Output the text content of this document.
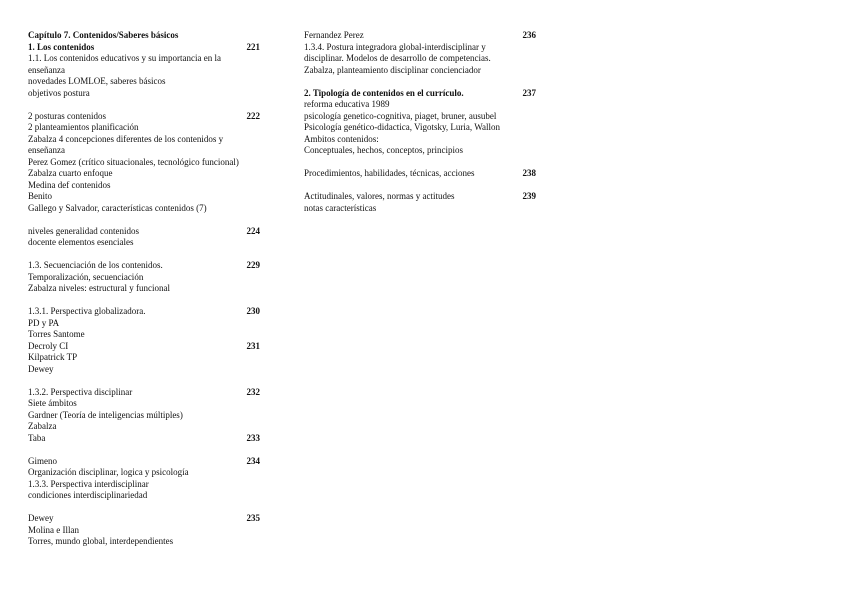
Capítulo 7. Contenidos/Saberes básicos
1. Los contenidos	221
1.1. Los contenidos educativos y su importancia en la enseñanza
novedades LOMLOE, saberes básicos
objetivos postura
2 posturas contenidos	222
2 planteamientos planificación
Zabalza 4 concepciones diferentes de los contenidos y enseñanza
Perez Gomez (crítico situacionales, tecnológico funcional)
Zabalza cuarto enfoque
Medina def contenidos
Benito
Gallego y Salvador, características contenidos (7)
niveles generalidad contenidos	224
docente elementos esenciales
1.3. Secuenciación de los contenidos.	229
Temporalización, secuenciación
Zabalza niveles: estructural y funcional
1.3.1. Perspectiva globalizadora.	230
PD y PA
Torres Santome
Decroly CI	231
Kilpatrick TP
Dewey
1.3.2. Perspectiva disciplinar	232
Siete ámbitos
Gardner (Teoría de inteligencias múltiples)
Zabalza
Taba	233
Gimeno	234
Organización disciplinar, logica y psicología
1.3.3. Perspectiva interdisciplinar
condiciones interdisciplinariedad
Dewey	235
Molina e Illan
Torres, mundo global, interdependientes
Fernandez Perez	236
1.3.4. Postura integradora global-interdisciplinar y disciplinar. Modelos de desarrollo de competencias.
Zabalza, planteamiento disciplinar concienciador
2. Tipología de contenidos en el currículo.	237
reforma educativa 1989
psicología genetico-cognitiva, piaget, bruner, ausubel
Psicología genético-didactica, Vigotsky, Luria, Wallon
Ambitos contenidos:
Conceptuales, hechos, conceptos, principios
Procedimientos, habilidades, técnicas, acciones	238
Actitudinales, valores, normas y actitudes	239
notas características
